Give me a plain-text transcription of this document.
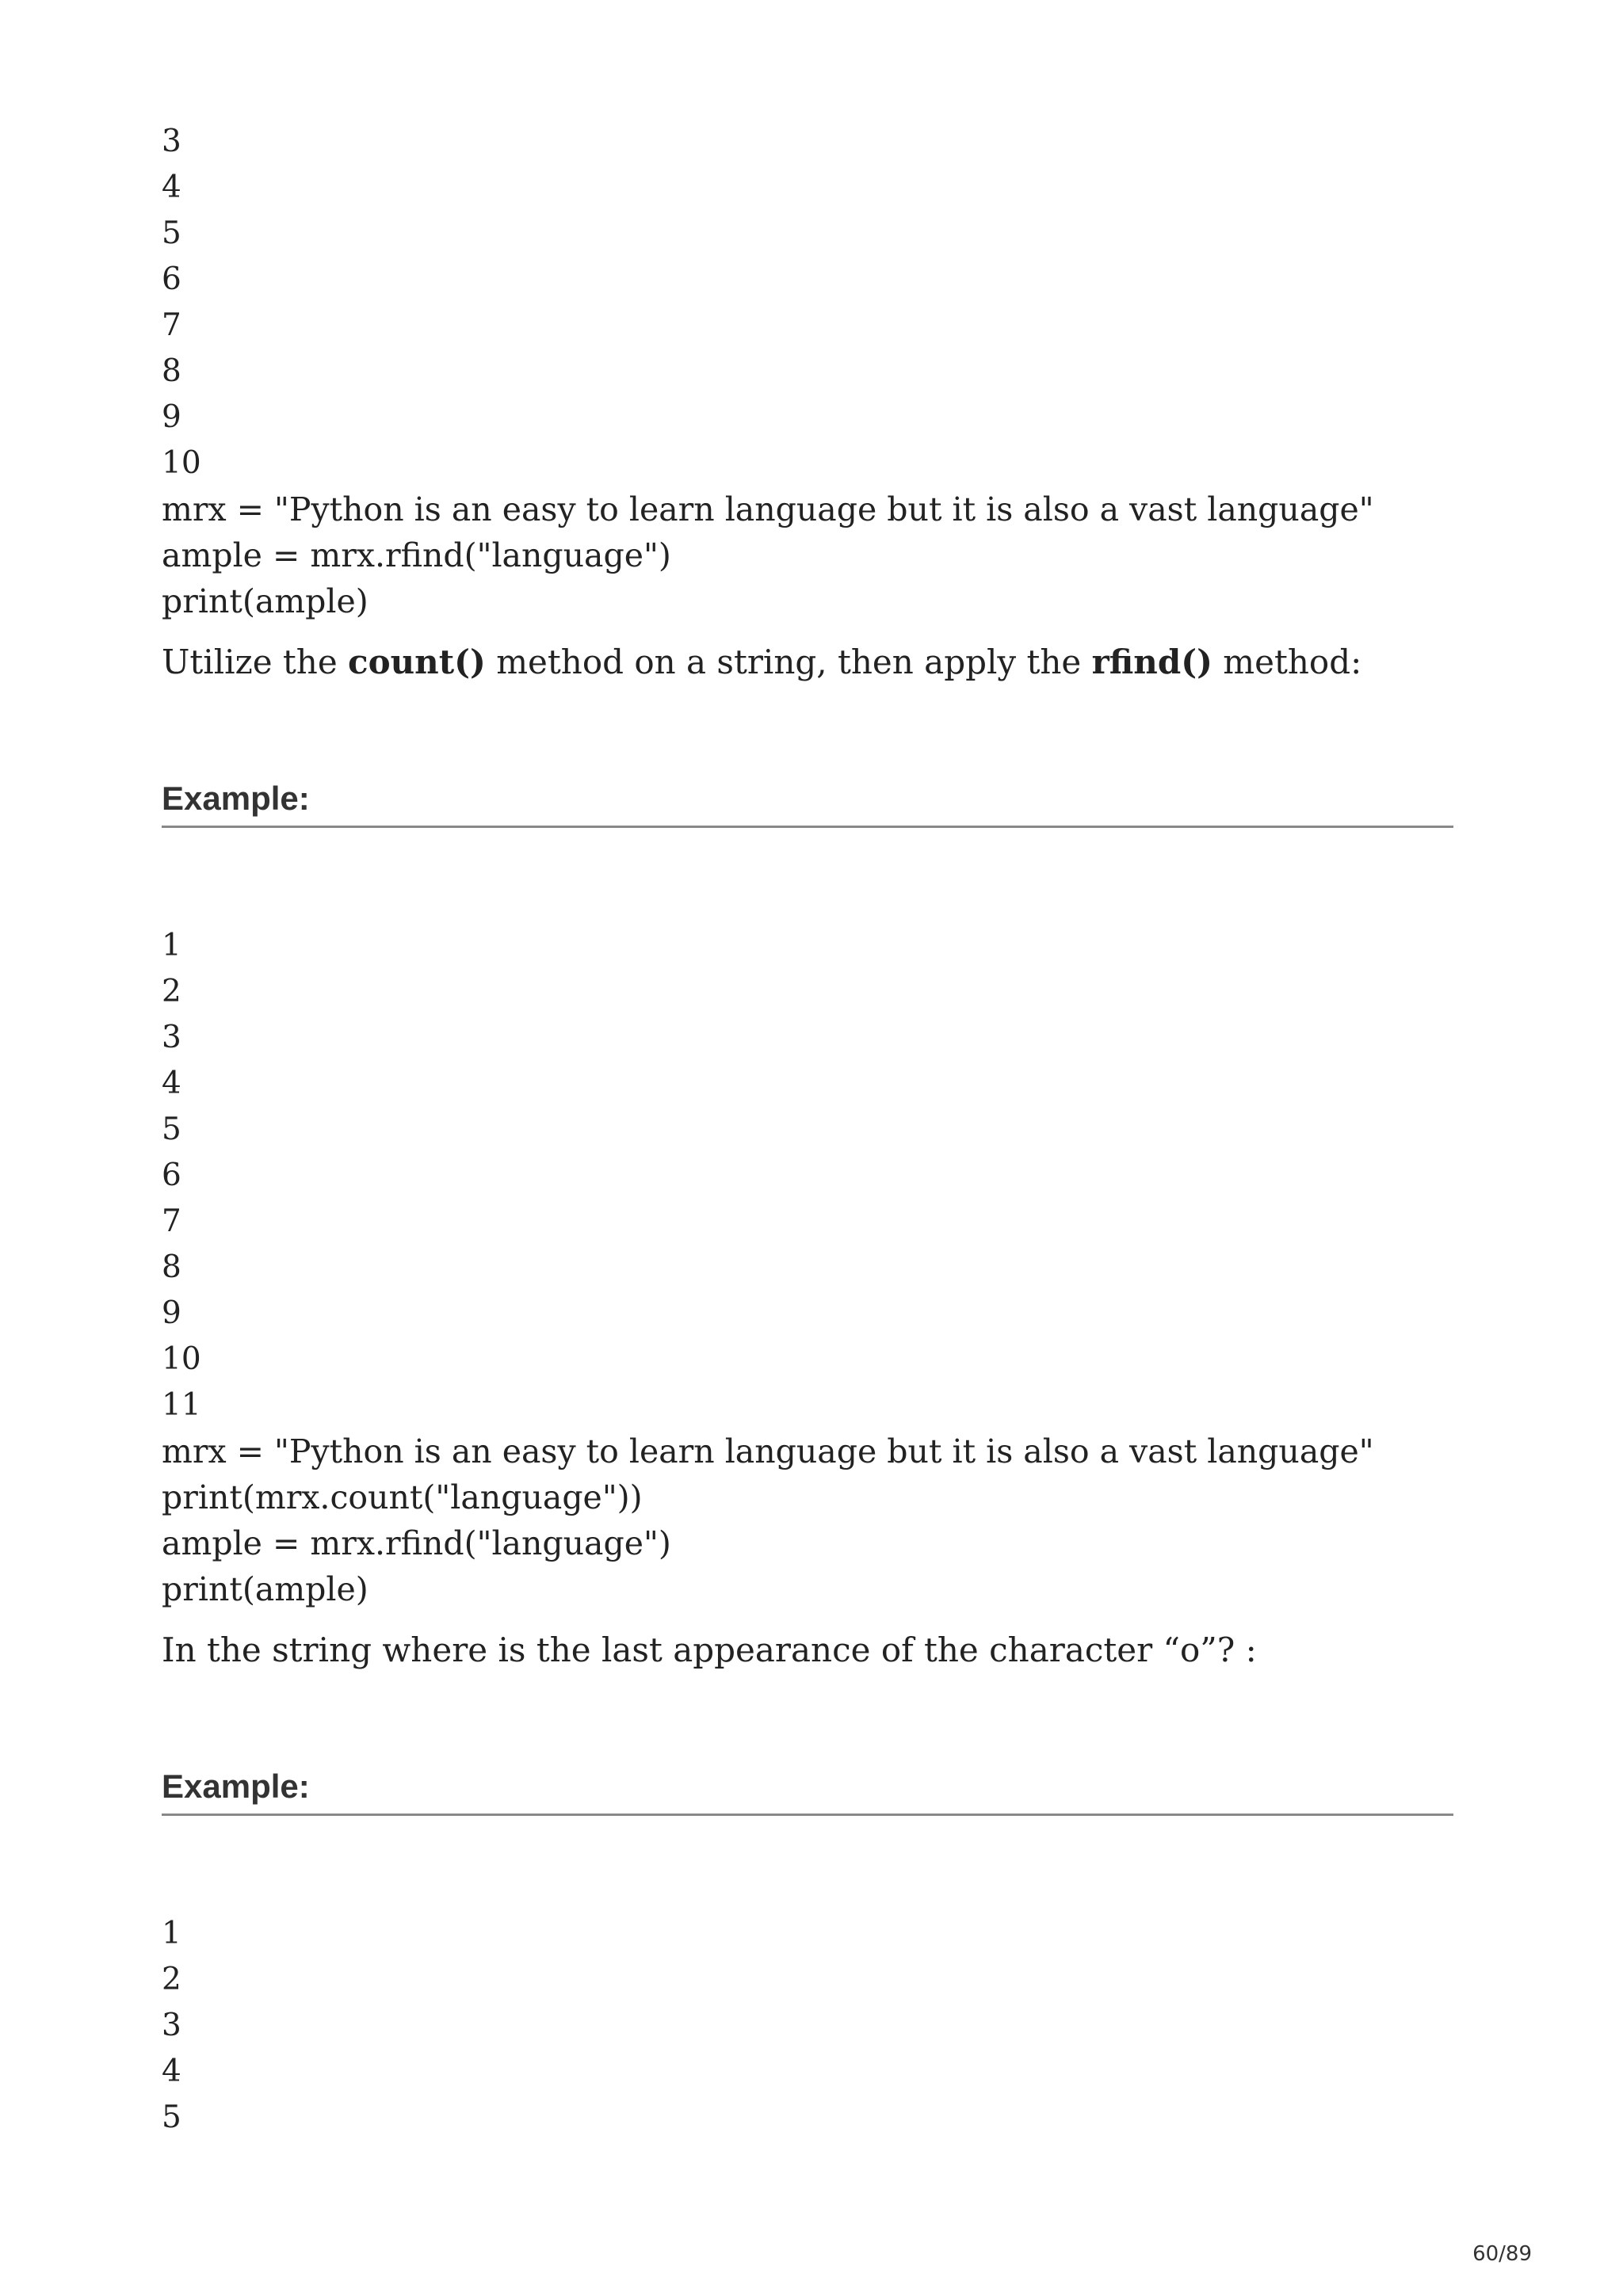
3
4
5
6
7
8
9
10
mrx = "Python is an easy to learn language but it is also a vast language"
ample = mrx.rfind("language")
print(ample)
Utilize the count() method on a string, then apply the rfind() method:
Example:
1
2
3
4
5
6
7
8
9
10
11
mrx = "Python is an easy to learn language but it is also a vast language"
print(mrx.count("language"))
ample = mrx.rfind("language")
print(ample)
In the string where is the last appearance of the character “o”? :
Example:
1
2
3
4
5
60/89
